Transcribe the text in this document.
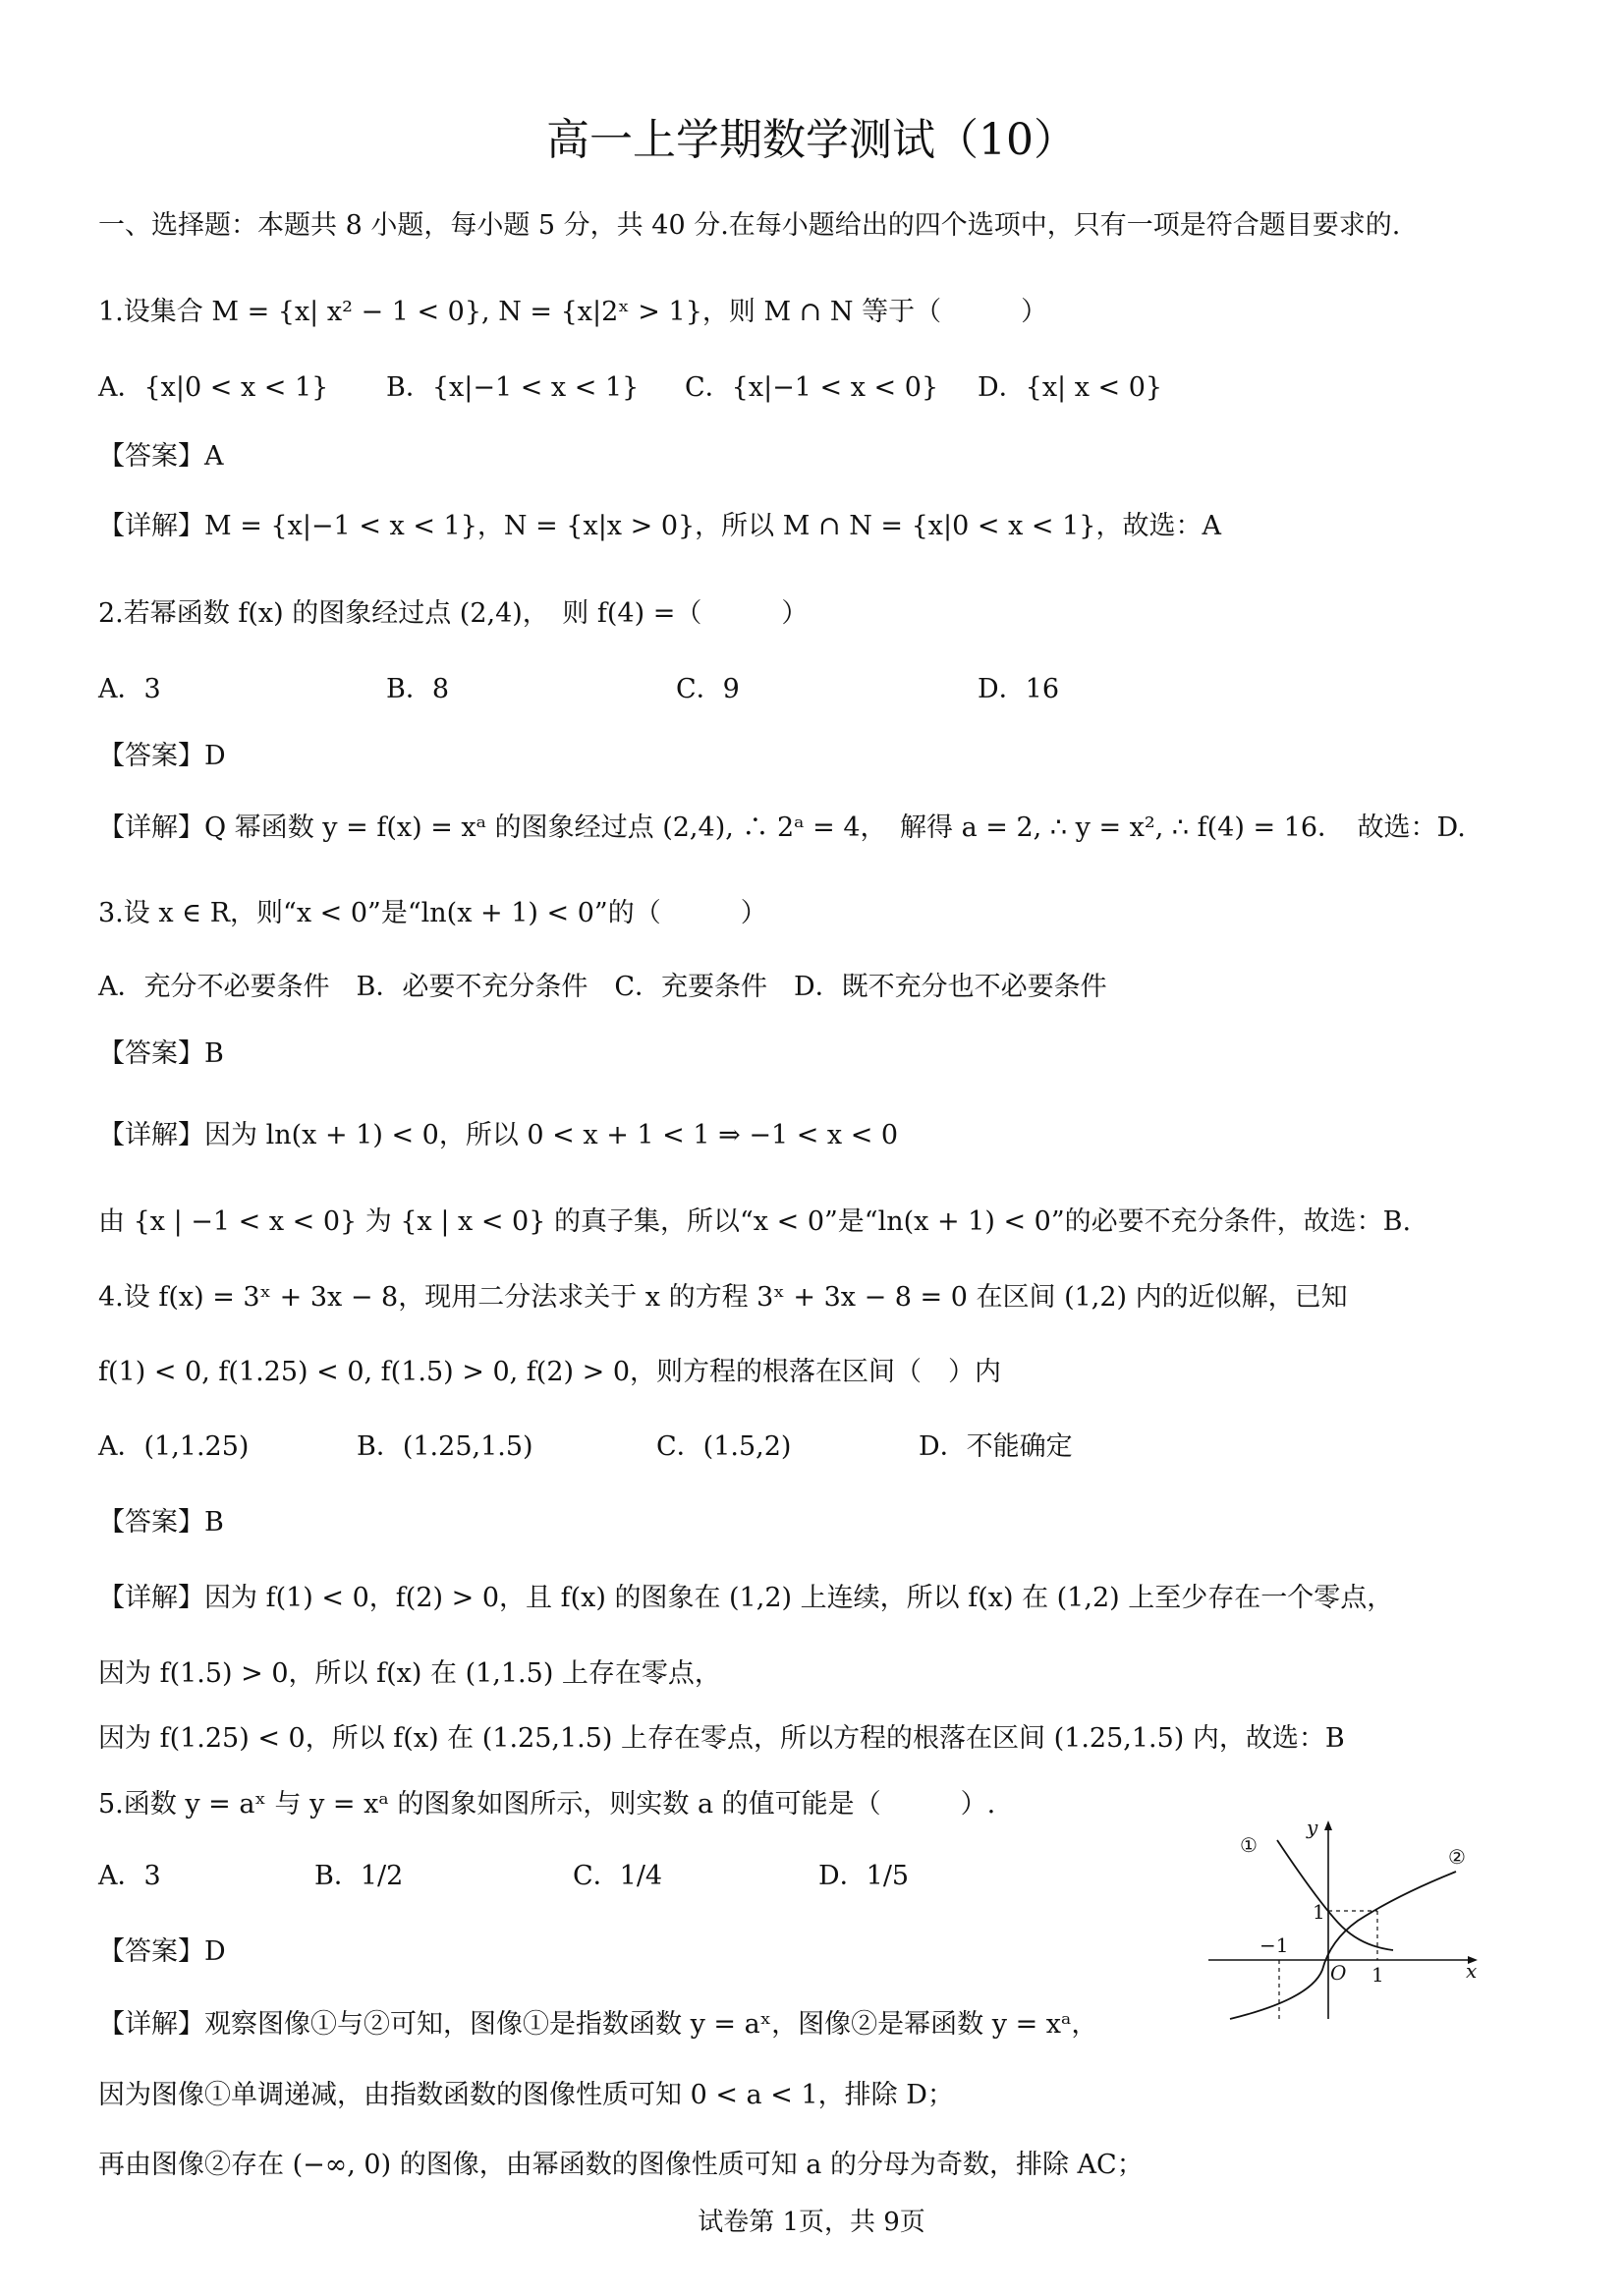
高一上学期数学测试（10）
一、选择题：本题共 8 小题，每小题 5 分，共 40 分.在每小题给出的四个选项中，只有一项是符合题目要求的.
1.设集合 M = {x| x² − 1 < 0}, N = {x|2ˣ > 1}，则 M ∩ N 等于（　　　）
A．{x|0 < x < 1} B．{x|−1 < x < 1} C．{x|−1 < x < 0} D．{x| x < 0}
【答案】A
【详解】M = {x|−1 < x < 1}，N = {x|x > 0}，所以 M ∩ N = {x|0 < x < 1}，故选：A
2.若幂函数 f(x) 的图象经过点 (2,4)，　则 f(4) =（　　　）
A．3	B．8	C．9	D．16
【答案】D
【详解】Q 幂函数 y = f(x) = xᵃ 的图象经过点 (2,4), ∴ 2ᵃ = 4，　解得 a = 2, ∴ y = x², ∴ f(4) = 16．　故选：D.
3.设 x ∈ R，则“x < 0”是“ln(x + 1) < 0”的（　　　）
A．充分不必要条件　B．必要不充分条件　C．充要条件　D．既不充分也不必要条件
【答案】B
【详解】因为 ln(x + 1) < 0，所以 0 < x + 1 < 1 ⇒ −1 < x < 0
由 {x | −1 < x < 0} 为 {x | x < 0} 的真子集，所以“x < 0”是“ln(x + 1) < 0”的必要不充分条件，故选：B.
4.设 f(x) = 3ˣ + 3x − 8，现用二分法求关于 x 的方程 3ˣ + 3x − 8 = 0 在区间 (1,2) 内的近似解，已知
f(1) < 0, f(1.25) < 0, f(1.5) > 0, f(2) > 0，则方程的根落在区间（　）内
A．(1,1.25)	B．(1.25,1.5)	C．(1.5,2)	D．不能确定
【答案】B
【详解】因为 f(1) < 0，f(2) > 0，且 f(x) 的图象在 (1,2) 上连续，所以 f(x) 在 (1,2) 上至少存在一个零点，
因为 f(1.5) > 0，所以 f(x) 在 (1,1.5) 上存在零点，
因为 f(1.25) < 0，所以 f(x) 在 (1.25,1.5) 上存在零点，所以方程的根落在区间 (1.25,1.5) 内，故选：B
5.函数 y = aˣ 与 y = xᵃ 的图象如图所示，则实数 a 的值可能是（　　　）.
A．3	B．1/2	C．1/4	D．1/5
【答案】D
【详解】观察图像①与②可知，图像①是指数函数 y = aˣ，图像②是幂函数 y = xᵃ，
因为图像①单调递减，由指数函数的图像性质可知 0 < a < 1，排除 D；
再由图像②存在 (−∞, 0) 的图像，由幂函数的图像性质可知 a 的分母为奇数，排除 AC；
①	②
y
x
O
−1
1
1
试卷第 1页，共 9页
